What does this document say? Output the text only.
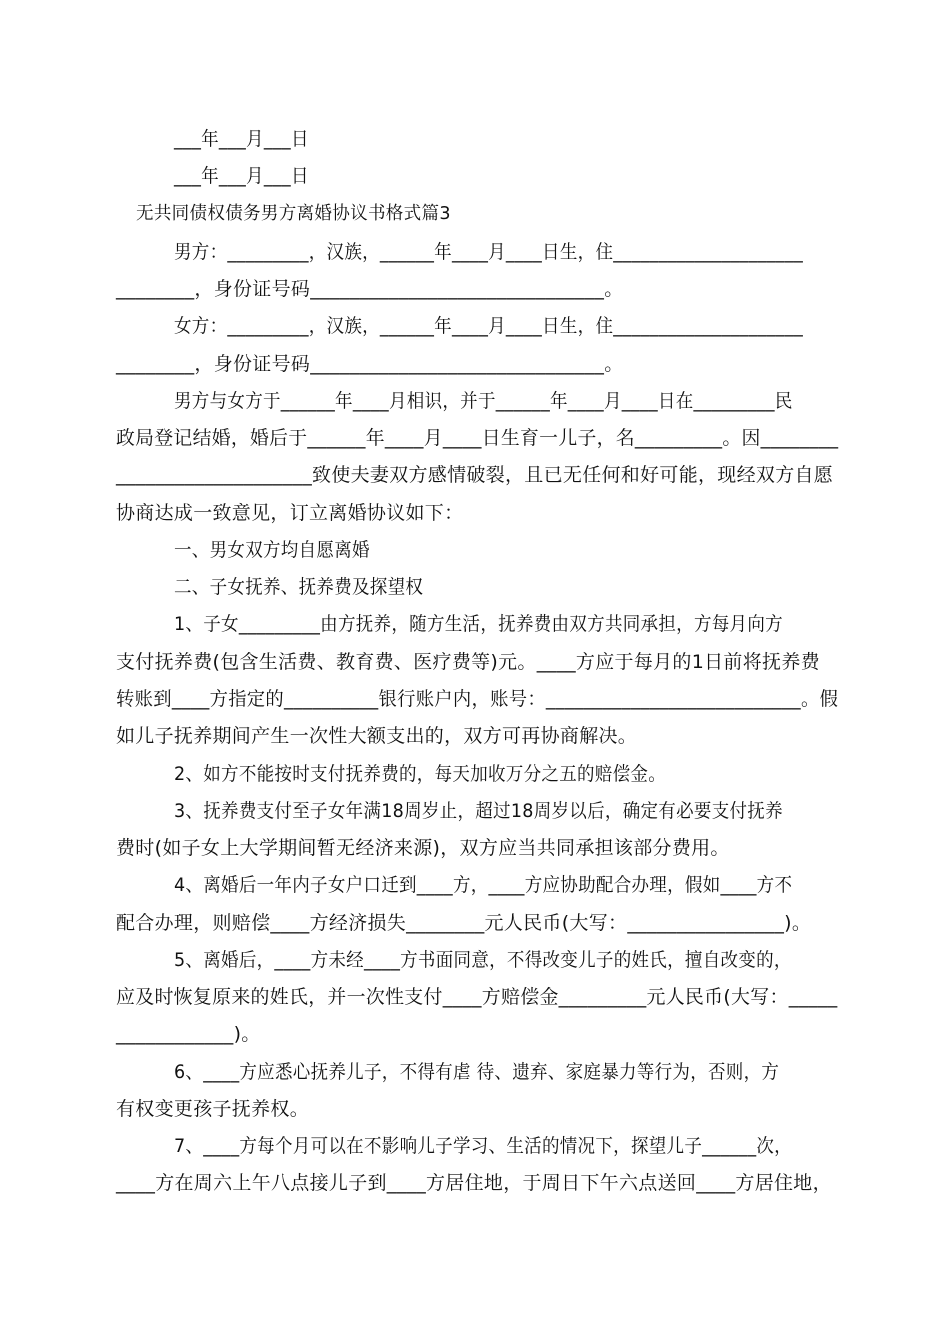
___年___月___日
___年___月___日
无共同债权债务男方离婚协议书格式篇3
男方：_________，汉族，______年____月____日生，住_____________________
________，身份证号码______________________________。
女方：_________，汉族，______年____月____日生，住_____________________
________，身份证号码______________________________。
男方与女方于______年____月相识，并于______年____月____日在_________民
政局登记结婚，婚后于______年____月____日生育一儿子，名_________。因________
____________________致使夫妻双方感情破裂，且已无任何和好可能，现经双方自愿
协商达成一致意见，订立离婚协议如下：
一、男女双方均自愿离婚
二、子女抚养、抚养费及探望权
1、子女_________由方抚养，随方生活，抚养费由双方共同承担，方每月向方
支付抚养费(包含生活费、教育费、医疗费等)元。____方应于每月的1日前将抚养费
转账到____方指定的__________银行账户内，账号：___________________________。假
如儿子抚养期间产生一次性大额支出的，双方可再协商解决。
2、如方不能按时支付抚养费的，每天加收万分之五的赔偿金。
3、抚养费支付至子女年满18周岁止，超过18周岁以后，确定有必要支付抚养
费时(如子女上大学期间暂无经济来源)，双方应当共同承担该部分费用。
4、离婚后一年内子女户口迁到____方，____方应协助配合办理，假如____方不
配合办理，则赔偿____方经济损失________元人民币(大写：________________)。
5、离婚后，____方未经____方书面同意，不得改变儿子的姓氏，擅自改变的，
应及时恢复原来的姓氏，并一次性支付____方赔偿金_________元人民币(大写：_____
____________)。
6、____方应悉心抚养儿子，不得有虐 待、遗弃、家庭暴力等行为，否则，方
有权变更孩子抚养权。
7、____方每个月可以在不影响儿子学习、生活的情况下，探望儿子______次，
____方在周六上午八点接儿子到____方居住地，于周日下午六点送回____方居住地，
